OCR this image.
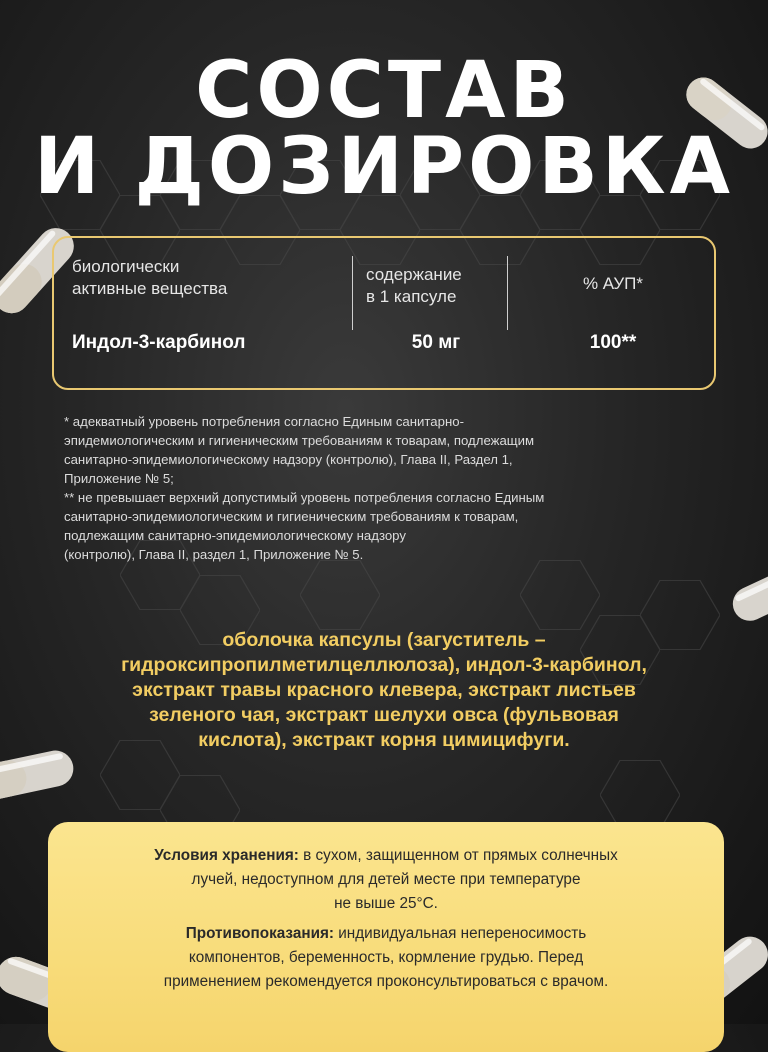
СОСТАВ
И ДОЗИРОВКА
биологически
активные вещества
содержание
в 1 капсуле
% АУП*
Индол-3-карбинол	50 мг	100**

* адекватный уровень потребления согласно Единым санитарно-

эпидемиологическим и гигиеническим требованиям к товарам, подлежащим

санитарно-эпидемиологическому надзору (контролю), Глава II, Раздел 1,

Приложение № 5;

** не превышает верхний допустимый уровень потребления согласно Единым

санитарно-эпидемиологическим и гигиеническим требованиям к товарам,

подлежащим санитарно-эпидемиологическому надзору

(контролю), Глава II, раздел 1, Приложение № 5.

оболочка капсулы (загуститель –
гидроксипропилметилцеллюлоза), индол-3-карбинол,
экстракт травы красного клевера, экстракт листьев
зеленого чая, экстракт шелухи овса (фульвовая
кислота), экстракт корня цимицифуги.

Условия хранения: в сухом, защищенном от прямых солнечных

лучей, недоступном для детей месте при температуре

не выше 25°С.

Противопоказания: индивидуальная непереносимость

компонентов, беременность, кормление грудью. Перед

применением рекомендуется проконсультироваться с врачом.
